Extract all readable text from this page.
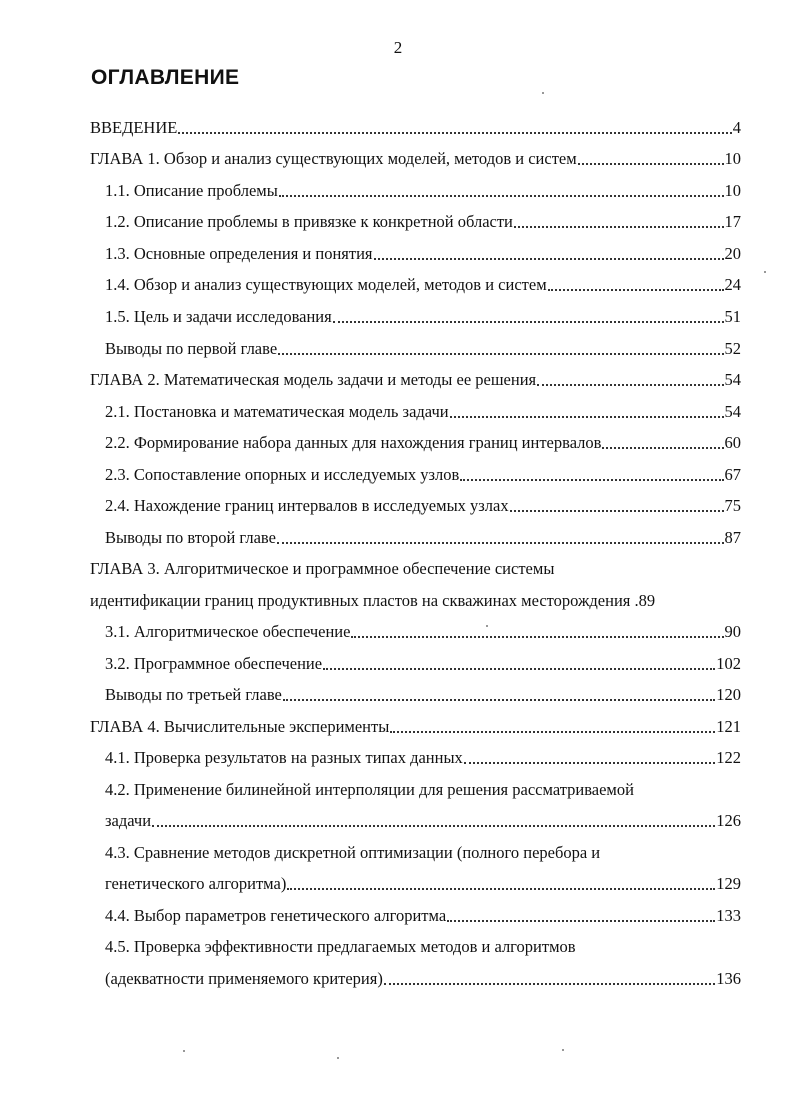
2
ОГЛАВЛЕНИЕ
ВВЕДЕНИЕ	4
ГЛАВА 1. Обзор и анализ существующих моделей, методов и систем	10
1.1. Описание проблемы	10
1.2. Описание проблемы в привязке к конкретной области	17
1.3. Основные определения и понятия	20
1.4. Обзор и анализ существующих моделей, методов и систем	24
1.5. Цель и задачи исследования	51
Выводы по первой главе	52
ГЛАВА 2. Математическая модель задачи и методы ее решения	54
2.1. Постановка и математическая модель задачи	54
2.2. Формирование набора данных для нахождения границ интервалов	60
2.3. Сопоставление опорных и исследуемых узлов	67
2.4. Нахождение границ интервалов в исследуемых узлах	75
Выводы по второй главе	87
ГЛАВА 3. Алгоритмическое и программное обеспечение системы
идентификации границ продуктивных пластов на скважинах месторождения . 89
3.1. Алгоритмическое обеспечение	90
3.2. Программное обеспечение	102
Выводы по третьей главе	120
ГЛАВА 4. Вычислительные эксперименты	121
4.1. Проверка результатов на разных типах данных	122
4.2. Применение билинейной интерполяции для решения рассматриваемой
задачи	126
4.3. Сравнение методов дискретной оптимизации (полного перебора и
генетического алгоритма)	129
4.4. Выбор параметров генетического алгоритма	133
4.5. Проверка эффективности предлагаемых методов и алгоритмов
(адекватности применяемого критерия)	136
